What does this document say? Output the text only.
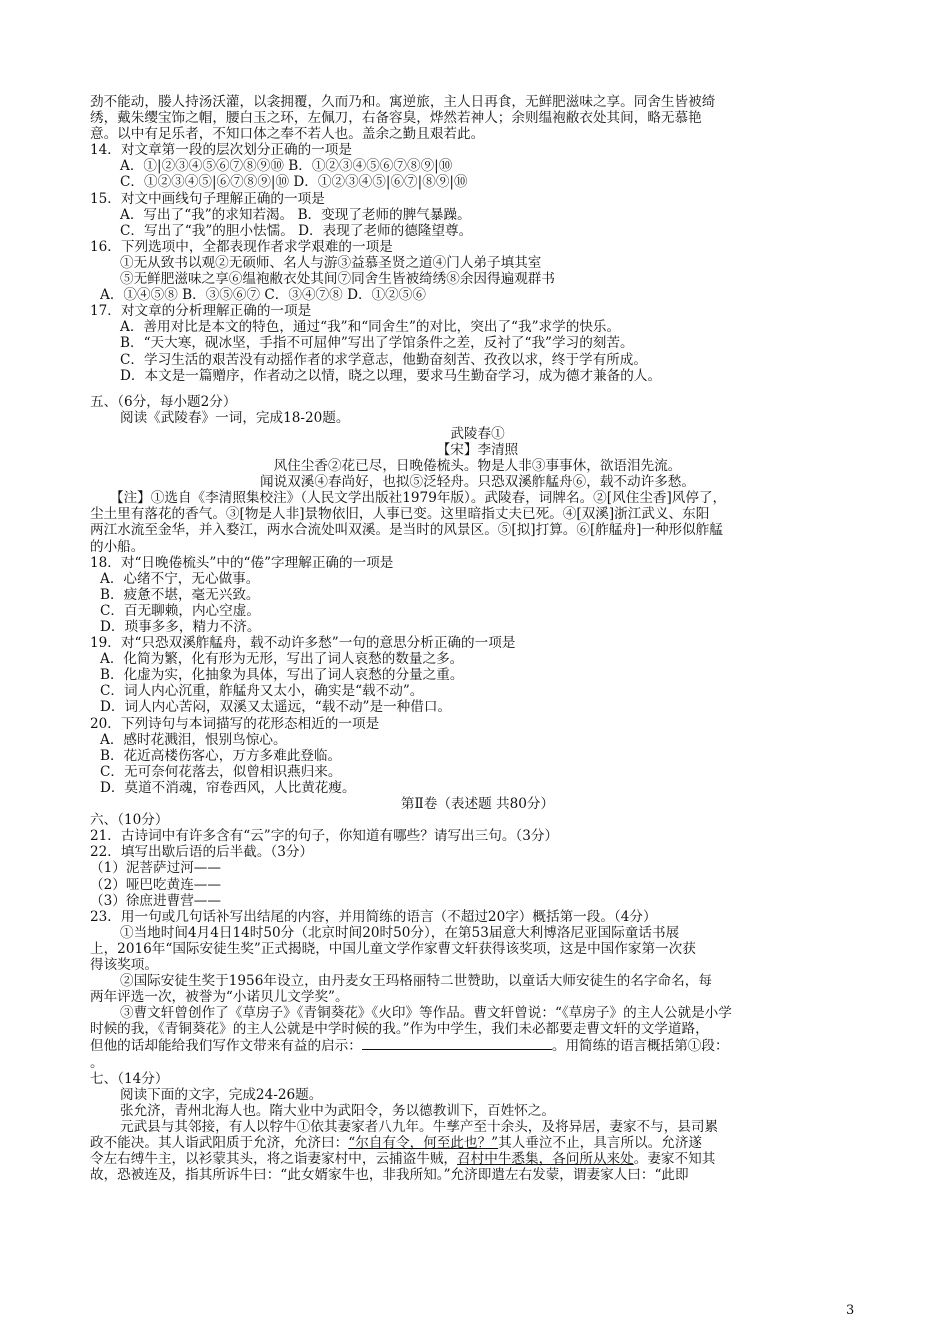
劲不能动，媵人持汤沃灌，以衾拥覆，久而乃和。寓逆旅，主人日再食，无鲜肥滋味之享。同舍生皆被绮
绣，戴朱缨宝饰之帽，腰白玉之环，左佩刀，右备容臭，烨然若神人；余则缊袍敝衣处其间，略无慕艳
意。以中有足乐者，不知口体之奉不若人也。盖余之勤且艰若此。
14．对文章第一段的层次划分正确的一项是
A．①|②③④⑤⑥⑦⑧⑨⑩ B．①②③④⑤⑥⑦⑧⑨|⑩
C．①②③④⑤|⑥⑦⑧⑨|⑩ D．①②③④⑤|⑥⑦|⑧⑨|⑩
15．对文中画线句子理解正确的一项是
A．写出了“我”的求知若渴。 B．变现了老师的脾气暴躁。
C．写出了“我”的胆小怯懦。 D．表现了老师的德隆望尊。
16．下列选项中，全都表现作者求学艰难的一项是
①无从致书以观②无硕师、名人与游③益慕圣贤之道④门人弟子填其室
⑤无鲜肥滋味之享⑥缊袍敝衣处其间⑦同舍生皆被绮绣⑧余因得遍观群书
A．①④⑤⑧ B．③⑤⑥⑦ C．③④⑦⑧ D．①②⑤⑥
17．对文章的分析理解正确的一项是
A．善用对比是本文的特色，通过“我”和“同舍生”的对比，突出了“我”求学的快乐。
B．“天大寒，砚冰坚，手指不可屈伸”写出了学馆条件之差，反衬了“我”学习的刻苦。
C．学习生活的艰苦没有动摇作者的求学意志，他勤奋刻苦、孜孜以求，终于学有所成。
D．本文是一篇赠序，作者动之以情，晓之以理，要求马生勤奋学习，成为德才兼备的人。
五、（6分，每小题2分）
阅读《武陵春》一词，完成18-20题。
武陵春①
【宋】李清照
风住尘香②花已尽，日晚倦梳头。物是人非③事事休，欲语泪先流。
闻说双溪④春尚好，也拟⑤泛轻舟。只恐双溪舴艋舟⑥，载不动许多愁。
【注】①选自《李清照集校注》（人民文学出版社1979年版）。武陵春，词牌名。②[风住尘香]风停了，
尘土里有落花的香气。③[物是人非]景物依旧，人事已变。这里暗指丈夫已死。④[双溪]浙江武义、东阳
两江水流至金华，并入婺江，两水合流处叫双溪。是当时的风景区。⑤[拟]打算。⑥[舴艋舟]一种形似舴艋
的小船。
18．对“日晚倦梳头”中的“倦”字理解正确的一项是
A．心绪不宁，无心做事。
B．疲惫不堪，毫无兴致。
C．百无聊赖，内心空虚。
D．琐事多多，精力不济。
19．对“只恐双溪舴艋舟，载不动许多愁”一句的意思分析正确的一项是
A．化简为繁，化有形为无形，写出了词人哀愁的数量之多。
B．化虚为实，化抽象为具体，写出了词人哀愁的分量之重。
C．词人内心沉重，舴艋舟又太小，确实是“载不动”。
D．词人内心苦闷，双溪又太遥远，“载不动”是一种借口。
20．下列诗句与本词描写的花形态相近的一项是
A．感时花溅泪，恨别鸟惊心。
B．花近高楼伤客心，万方多难此登临。
C．无可奈何花落去，似曾相识燕归来。
D．莫道不消魂，帘卷西风，人比黄花瘦。
第Ⅱ卷（表述题 共80分）
六、（10分）
21．古诗词中有许多含有“云”字的句子，你知道有哪些？请写出三句。（3分）
22．填写出歇后语的后半截。（3分）
（1）泥菩萨过河——
（2）哑巴吃黄连——
（3）徐庶进曹营——
23．用一句或几句话补写出结尾的内容，并用简练的语言（不超过20字）概括第一段。（4分）
①当地时间4月4日14时50分（北京时间20时50分），在第53届意大利博洛尼亚国际童话书展
上，2016年“国际安徒生奖”正式揭晓，中国儿童文学作家曹文轩获得该奖项，这是中国作家第一次获
得该奖项。
②国际安徒生奖于1956年设立，由丹麦女王玛格丽特二世赞助，以童话大师安徒生的名字命名，每
两年评选一次，被誉为“小诺贝儿文学奖”。
③曹文轩曾创作了《草房子》《青铜葵花》《火印》等作品。曹文轩曾说：“《草房子》的主人公就是小学
时候的我，《青铜葵花》的主人公就是中学时候的我。”作为中学生，我们未必都要走曹文轩的文学道路，
但他的话却能给我们写作文带来有益的启示：	。用简练的语言概括第①段：
。
七、（14分）
阅读下面的文字，完成24-26题。
张允济，青州北海人也。隋大业中为武阳令，务以德教训下，百姓怀之。
元武县与其邻接，有人以牸牛①依其妻家者八九年。牛孳产至十余头，及将异居，妻家不与，县司累
政不能决。其人诣武阳质于允济，允济曰：“尔自有令，何至此也？”其人垂泣不止，具言所以。允济遂
令左右缚牛主，以衫蒙其头，将之诣妻家村中，云捕盗牛贼，召村中牛悉集，各问所从来处。妻家不知其
故，恐被连及，指其所诉牛曰：“此女婿家牛也，非我所知。”允济即遣左右发蒙，谓妻家人曰：“此即
3
